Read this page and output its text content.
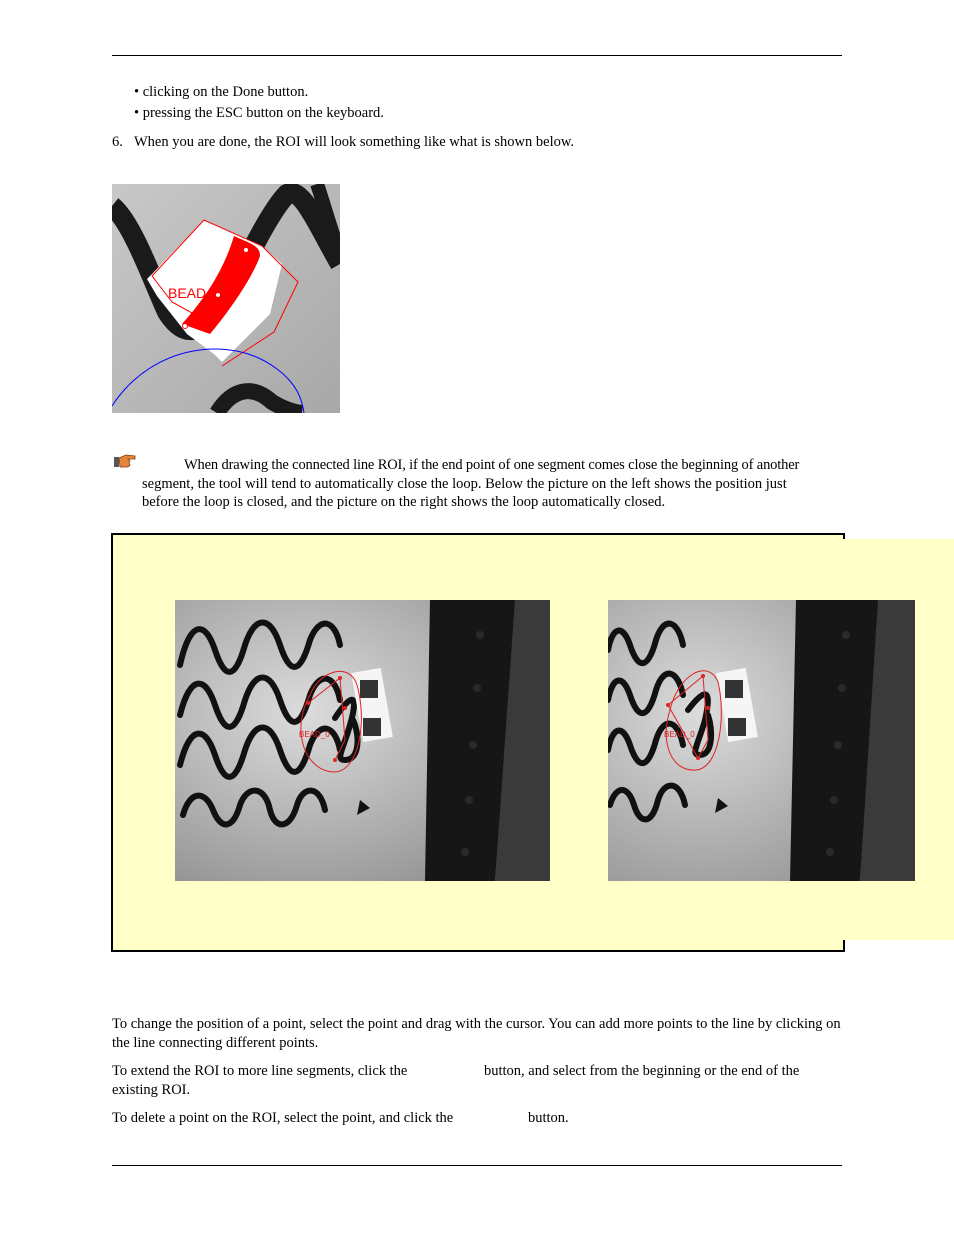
• clicking on the Done button.
• pressing the ESC button on the keyboard.
6. When you are done, the ROI will look something like what is shown below.
BEAD
When drawing the connected line ROI, if the end point of one segment comes close the beginning of another
segment, the tool will tend to automatically close the loop. Below the picture on the left shows the position just
before the loop is closed, and the picture on the right shows the loop automatically closed.
BEAD_0	BEAD_0
To change the position of a point, select the point and drag with the cursor. You can add more points to the line by clicking on the line connecting different points.
To extend the ROI to more line segments, click the	button, and select from the beginning or the end of the
existing ROI.
To delete a point on the ROI, select the point, and click the	button.
